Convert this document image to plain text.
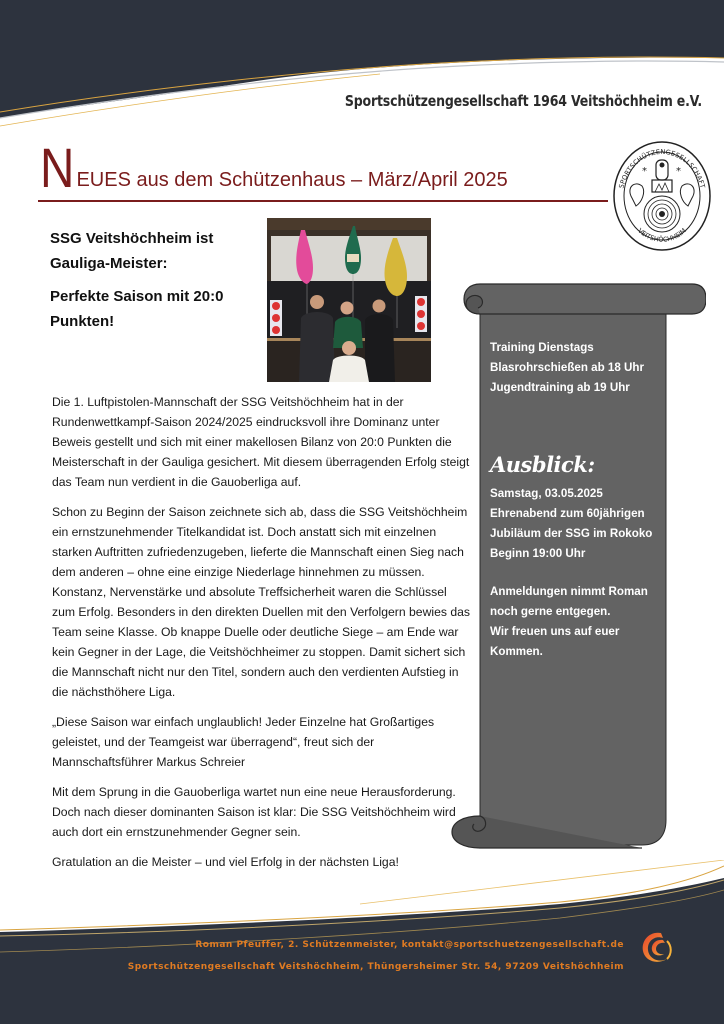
Sportschützengesellschaft 1964 Veitshöchheim e.V.
N EUES aus dem Schützenhaus – März/April 2025	SPORTSCHÜTZENGESELLSCHAFT
VEITSHÖCHHEIM
*	*
SSG Veitshöchheim ist
Gauliga-Meister:
Perfekte Saison mit 20:0
Punkten!

Die 1. Luftpistolen-Mannschaft der SSG Veitshöchheim hat in der Rundenwettkampf-Saison 2024/2025 eindrucksvoll ihre Dominanz unter Beweis gestellt und sich mit einer makellosen Bilanz von 20:0 Punkten die Meisterschaft in der Gauliga gesichert. Mit diesem überragenden Erfolg steigt das Team nun verdient in die Gauoberliga auf.

Schon zu Beginn der Saison zeichnete sich ab, dass die SSG Veitshöchheim ein ernstzunehmender Titelkandidat ist. Doch anstatt sich mit einzelnen starken Auftritten zufriedenzugeben, lieferte die Mannschaft einen Sieg nach dem anderen – ohne eine einzige Niederlage hinnehmen zu müssen. Konstanz, Nervenstärke und absolute Treffsicherheit waren die Schlüssel zum Erfolg. Besonders in den direkten Duellen mit den Verfolgern bewies das Team seine Klasse. Ob knappe Duelle oder deutliche Siege – am Ende war kein Gegner in der Lage, die Veitshöchheimer zu stoppen. Damit sichert sich die Mannschaft nicht nur den Titel, sondern auch den verdienten Aufstieg in die nächsthöhere Liga.

„Diese Saison war einfach unglaublich! Jeder Einzelne hat Großartiges geleistet, und der Teamgeist war überragend“, freut sich der Mannschaftsführer Markus Schreier

Mit dem Sprung in die Gauoberliga wartet nun eine neue Herausforderung. Doch nach dieser dominanten Saison ist klar: Die SSG Veitshöchheim wird auch dort ein ernstzunehmender Gegner sein.

Gratulation an die Meister – und viel Erfolg in der nächsten Liga!

Training Dienstags
Blasrohrschießen ab 18 Uhr
Jugendtraining ab 19 Uhr
Ausblick:
Samstag, 03.05.2025
Ehrenabend zum 60jährigen
Jubiläum der SSG im Rokoko
Beginn 19:00 Uhr
Anmeldungen nimmt Roman
noch gerne entgegen.
Wir freuen uns auf euer
Kommen.
Roman Pfeuffer, 2. Schützenmeister, kontakt@sportschuetzengesellschaft.de
Sportschützengesellschaft Veitshöchheim, Thüngersheimer Str. 54, 97209 Veitshöchheim
